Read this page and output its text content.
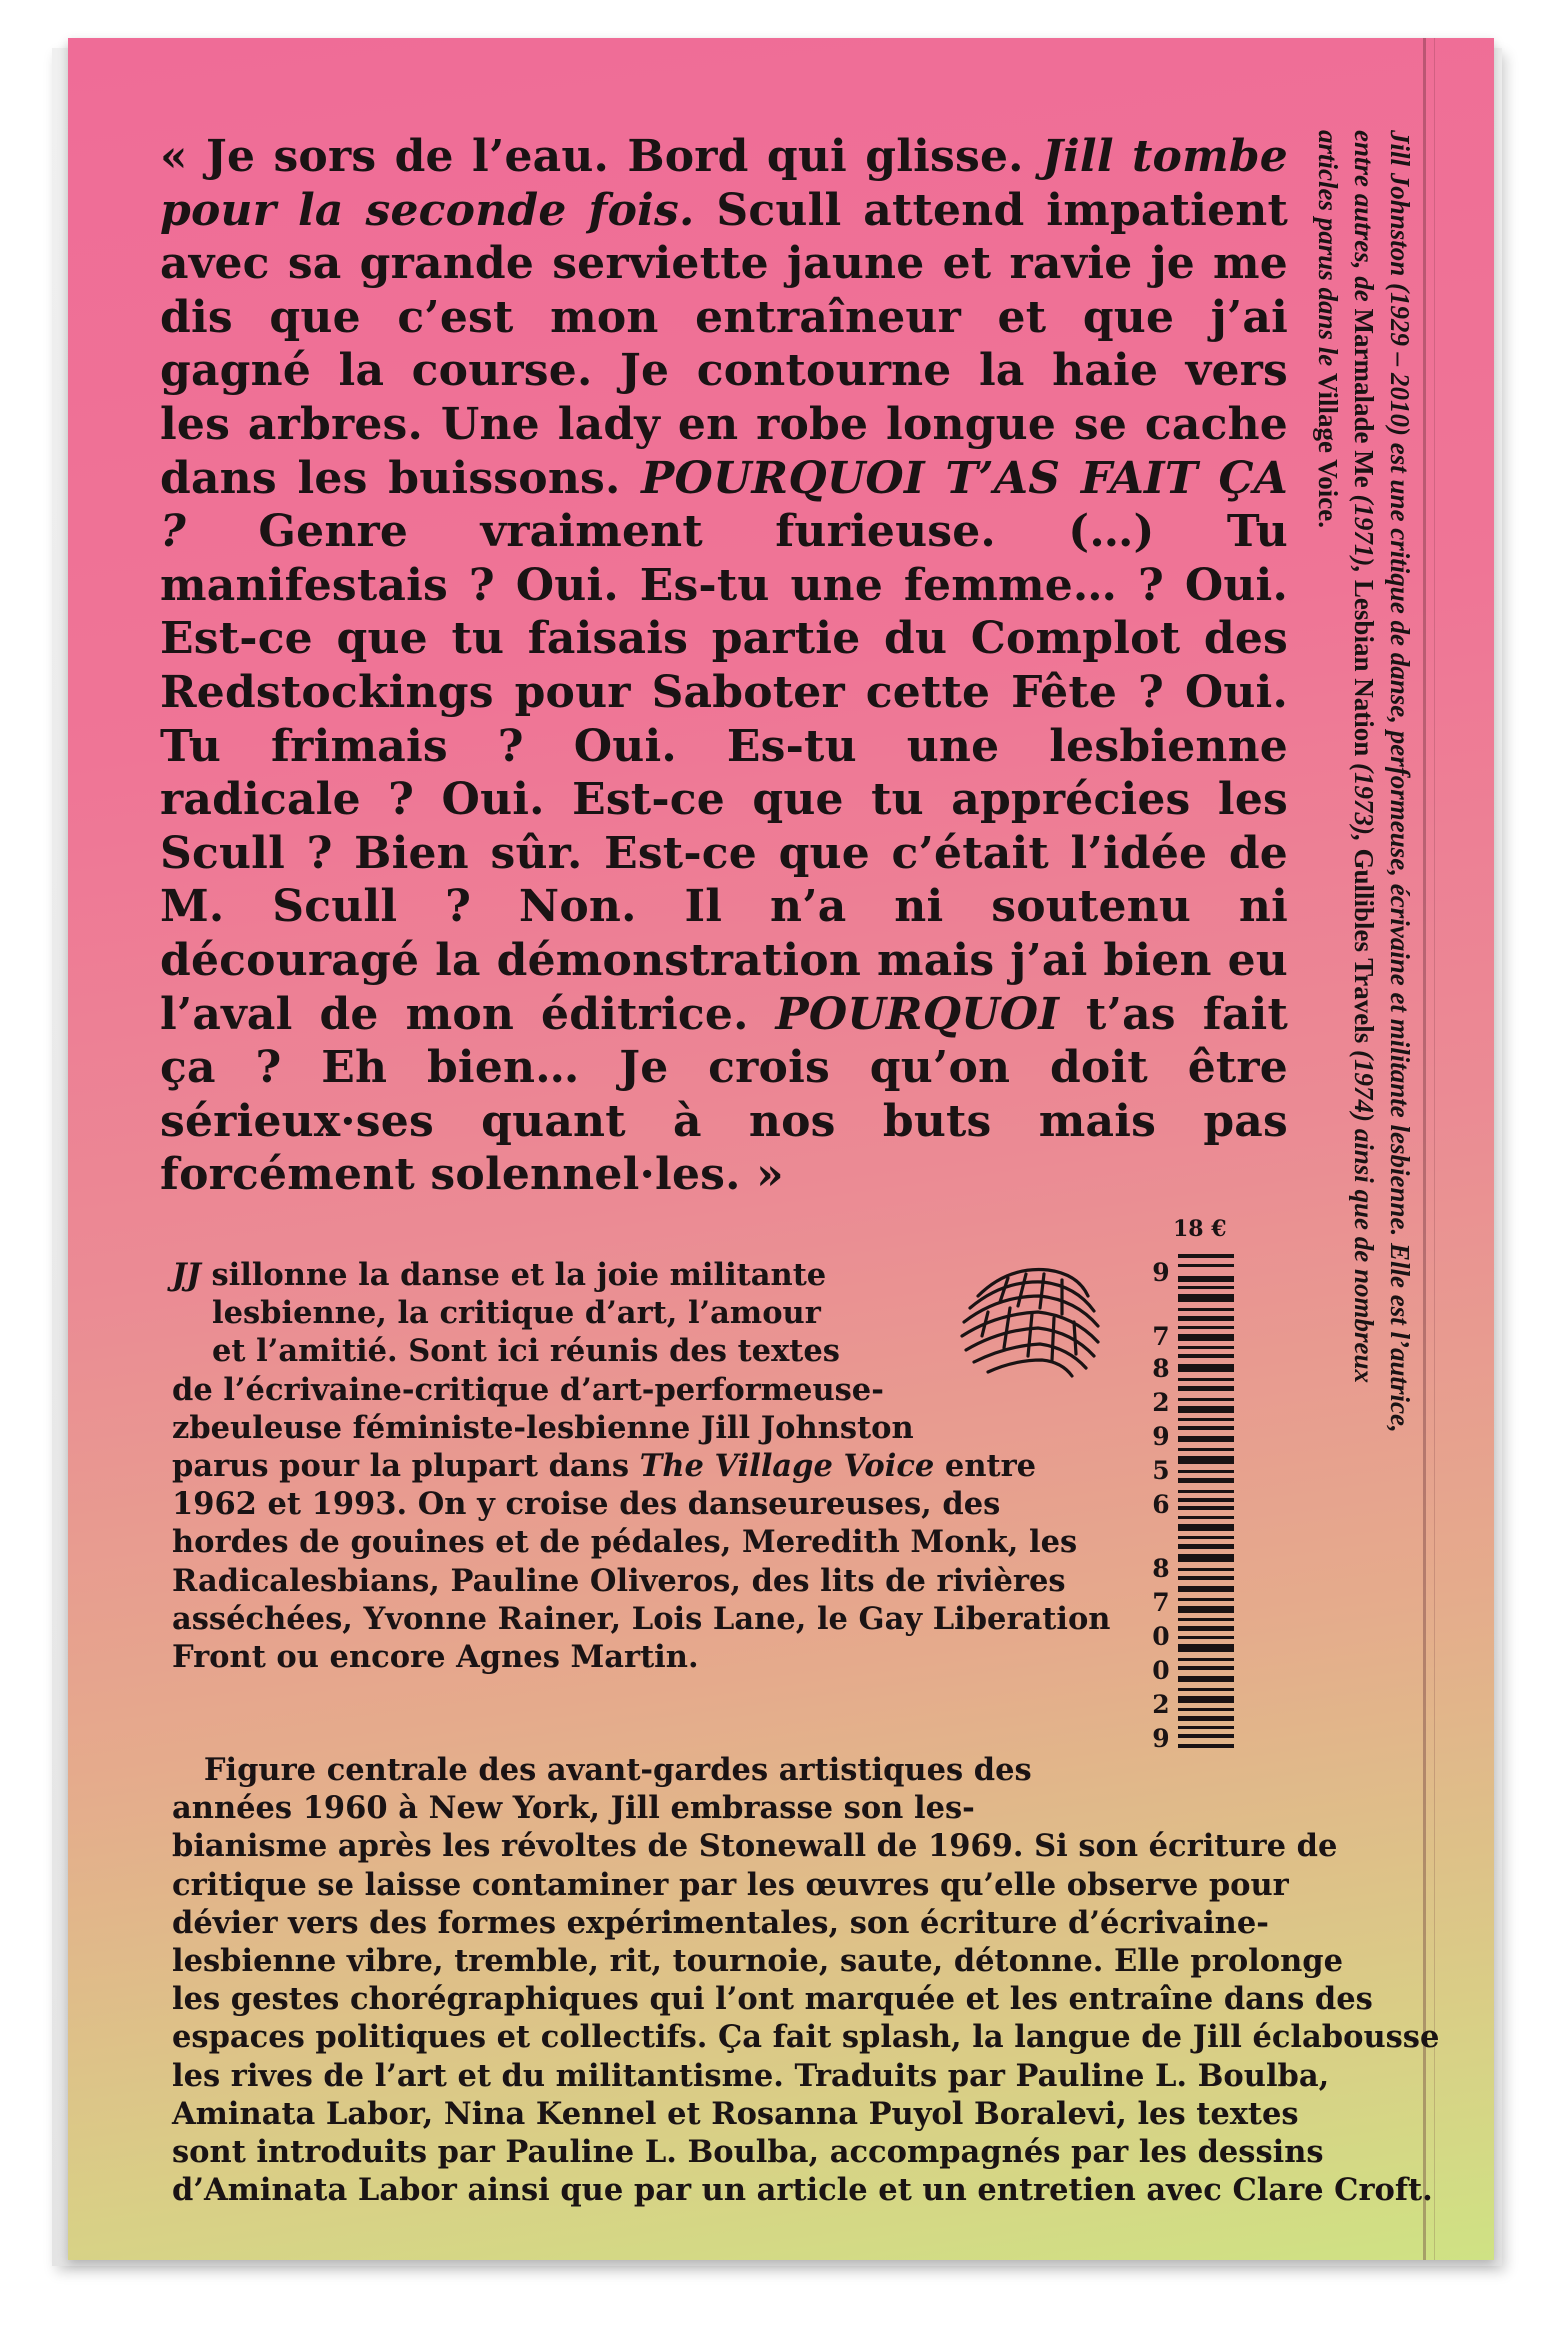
« Je sors de l’eau. Bord qui glisse. Jill tombe pour la seconde fois. Scull attend impatient avec sa grande serviette jaune et ravie je me dis que c’est mon entraîneur et que j’ai gagné la course. Je contourne la haie vers les arbres. Une lady en robe longue se cache dans les buissons. POURQUOI T’AS FAIT ÇA ? Genre vraiment furieuse. (…) Tu manifestais ? Oui. Es-tu une femme… ? Oui. Est-ce que tu faisais partie du Complot des Redstockings pour Saboter cette Fête ? Oui. Tu frimais ? Oui. Es-tu une lesbienne radicale ? Oui. Est-ce que tu apprécies les Scull ? Bien sûr. Est-ce que c’était l’idée de M. Scull ? Non. Il n’a ni soutenu ni découragé la démonstration mais j’ai bien eu l’aval de mon éditrice. POURQUOI t’as fait ça ? Eh bien… Je crois qu’on doit être sérieux·ses quant à nos buts mais pas forcément solennel·les. »	Jill Johnston (1929 – 2010) est une critique de danse, performeuse, écrivaine et militante lesbienne. Elle est l’autrice,
entre autres, de Marmalade Me (1971), Lesbian Nation (1973), Gullibles Travels (1974) ainsi que de nombreux
articles parus dans le Village Voice.
18 €
9
7
8
2
9
5
6
8
7
0
0
2
9
JJ sillonne la danse et la joie militante
lesbienne, la critique d’art, l’amour
et l’amitié. Sont ici réunis des textes
de l’écrivaine-critique d’art-performeuse-
zbeuleuse féministe-lesbienne Jill Johnston
parus pour la plupart dans The Village Voice entre
1962 et 1993. On y croise des danseureuses, des
hordes de gouines et de pédales, Meredith Monk, les
Radicalesbians, Pauline Oliveros, des lits de rivières
asséchées, Yvonne Rainer, Lois Lane, le Gay Liberation
Front ou encore Agnes Martin.
Figure centrale des avant-gardes artistiques des
années 1960 à New York, Jill embrasse son les-
bianisme après les révoltes de Stonewall de 1969. Si son écriture de
critique se laisse contaminer par les œuvres qu’elle observe pour
dévier vers des formes expérimentales, son écriture d’écrivaine-
lesbienne vibre, tremble, rit, tournoie, saute, détonne. Elle prolonge
les gestes chorégraphiques qui l’ont marquée et les entraîne dans des
espaces politiques et collectifs. Ça fait splash, la langue de Jill éclabousse
les rives de l’art et du militantisme. Traduits par Pauline L. Boulba,
Aminata Labor, Nina Kennel et Rosanna Puyol Boralevi, les textes
sont introduits par Pauline L. Boulba, accompagnés par les dessins
d’Aminata Labor ainsi que par un article et un entretien avec Clare Croft.
